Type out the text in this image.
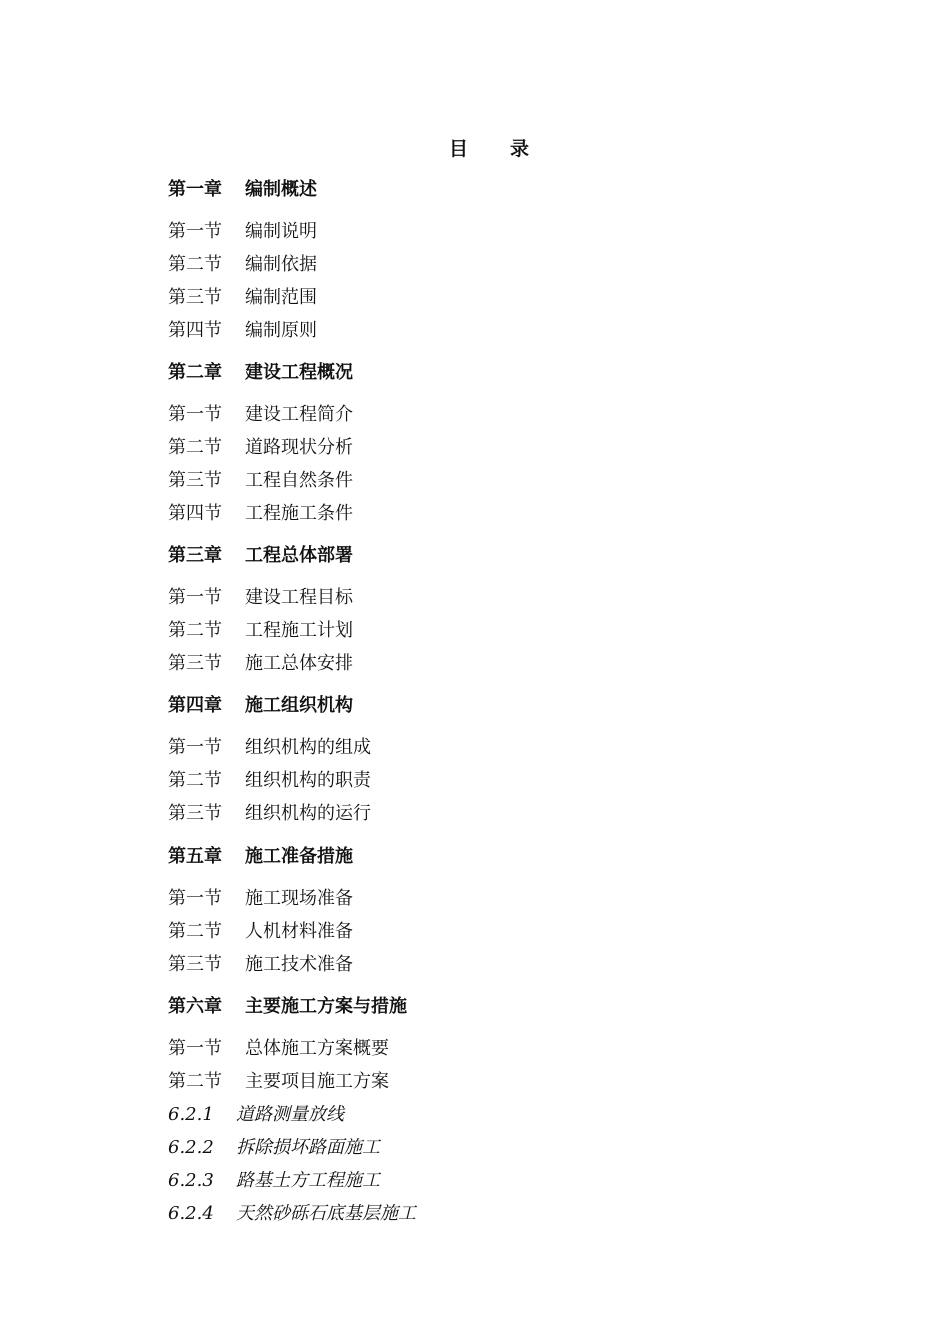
目 录
第一章 编制概述
第一节 编制说明
第二节 编制依据
第三节 编制范围
第四节 编制原则
第二章 建设工程概况
第一节 建设工程简介
第二节 道路现状分析
第三节 工程自然条件
第四节 工程施工条件
第三章 工程总体部署
第一节 建设工程目标
第二节 工程施工计划
第三节 施工总体安排
第四章 施工组织机构
第一节 组织机构的组成
第二节 组织机构的职责
第三节 组织机构的运行
第五章 施工准备措施
第一节 施工现场准备
第二节 人机材料准备
第三节 施工技术准备
第六章 主要施工方案与措施
第一节 总体施工方案概要
第二节 主要项目施工方案
6.2.1 道路测量放线
6.2.2 拆除损坏路面施工
6.2.3 路基土方工程施工
6.2.4 天然砂砾石底基层施工
